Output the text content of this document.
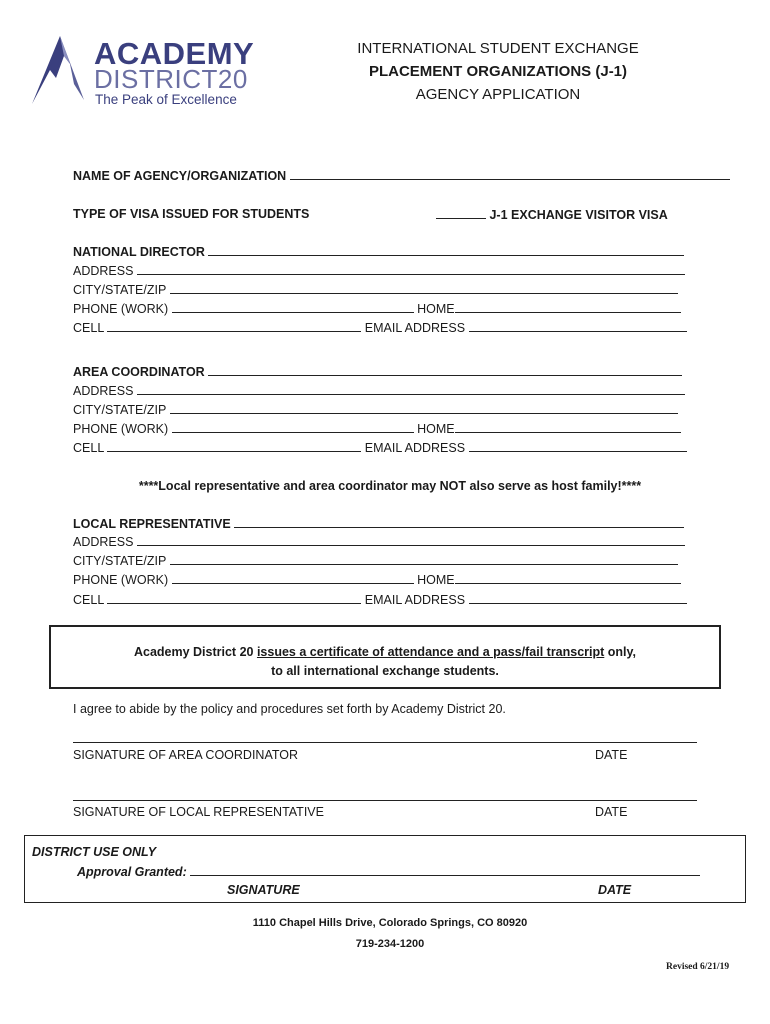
ACADEMY
DISTRICT20
The Peak of Excellence
INTERNATIONAL STUDENT EXCHANGE
PLACEMENT ORGANIZATIONS (J-1)
AGENCY APPLICATION
NAME OF AGENCY/ORGANIZATION
TYPE OF VISA ISSUED FOR STUDENTS	J-1 EXCHANGE VISITOR VISA
NATIONAL DIRECTOR
ADDRESS
CITY/STATE/ZIP
PHONE (WORK)	HOME
CELL	EMAIL ADDRESS
AREA COORDINATOR
ADDRESS
CITY/STATE/ZIP
PHONE (WORK)	HOME
CELL	EMAIL ADDRESS
****Local representative and area coordinator may NOT also serve as host family!****
LOCAL REPRESENTATIVE
ADDRESS
CITY/STATE/ZIP
PHONE (WORK)	HOME
CELL	EMAIL ADDRESS
Academy District 20 issues a certificate of attendance and a pass/fail transcript only,
to all international exchange students.
I agree to abide by the policy and procedures set forth by Academy District 20.
SIGNATURE OF AREA COORDINATOR	DATE
SIGNATURE OF LOCAL REPRESENTATIVE	DATE
DISTRICT USE ONLY
Approval Granted:
SIGNATURE	DATE
1110 Chapel Hills Drive, Colorado Springs, CO 80920
719-234-1200
Revised 6/21/19
